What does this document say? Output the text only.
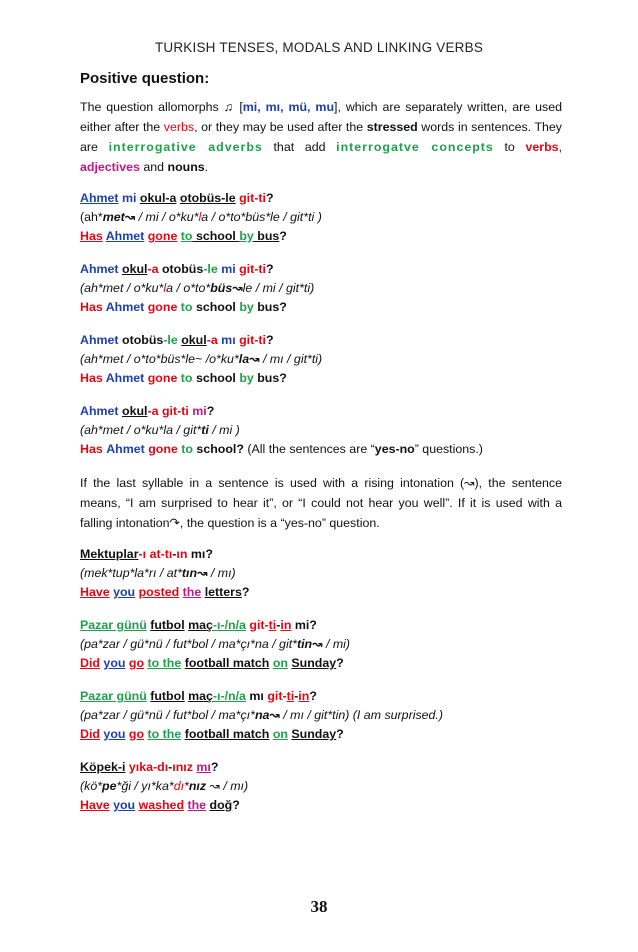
TURKISH TENSES, MODALS AND LINKING VERBS
Positive question:

The question allomorphs ♫ [mi, mı, mü, mu], which are separately written, are used either after the verbs, or they may be used after the stressed words in sentences. They are interrogative adverbs that add interrogatve concepts to verbs, adjectives and nouns.

Ahmet mi okul-a otobüs-le git-ti?
(ah*met↝ / mi / o*ku*la / o*to*büs*le / git*ti )
Has Ahmet gone to school by bus?
Ahmet okul-a otobüs-le mi git-ti?
(ah*met / o*ku*la / o*to*büs↝le / mi / git*ti)
Has Ahmet gone to school by bus?
Ahmet otobüs-le okul-a mı git-ti?
(ah*met / o*to*büs*le~ /o*ku*la↝ / mı / git*ti)
Has Ahmet gone to school by bus?
Ahmet okul-a git-ti mi?
(ah*met / o*ku*la / git*ti / mi )
Has Ahmet gone to school? (All the sentences are “yes-no” questions.)

If the last syllable in a sentence is used with a rising intonation (↝), the sentence means, “I am surprised to hear it”, or “I could not hear you well”. If it is used with a falling intonation↷, the question is a “yes-no” question.

Mektuplar-ı at-tı-ın mı?
(mek*tup*la*rı / at*tın↝ / mı)
Have you posted the letters?
Pazar günü futbol maç-ı-/n/a git-ti-in mi?
(pa*zar / gü*nü / fut*bol / ma*çı*na / git*tin↝ / mi)
Did you go to the football match on Sunday?
Pazar günü futbol maç-ı-/n/a mı git-ti-in?
(pa*zar / gü*nü / fut*bol / ma*çı*na↝ / mı / git*tin) (I am surprised.)
Did you go to the football match on Sunday?
Köpek-i yıka-dı-ınız mı?
(kö*pe*ği / yı*ka*dı*nız ↝ / mı)
Have you washed the doğ?
38
